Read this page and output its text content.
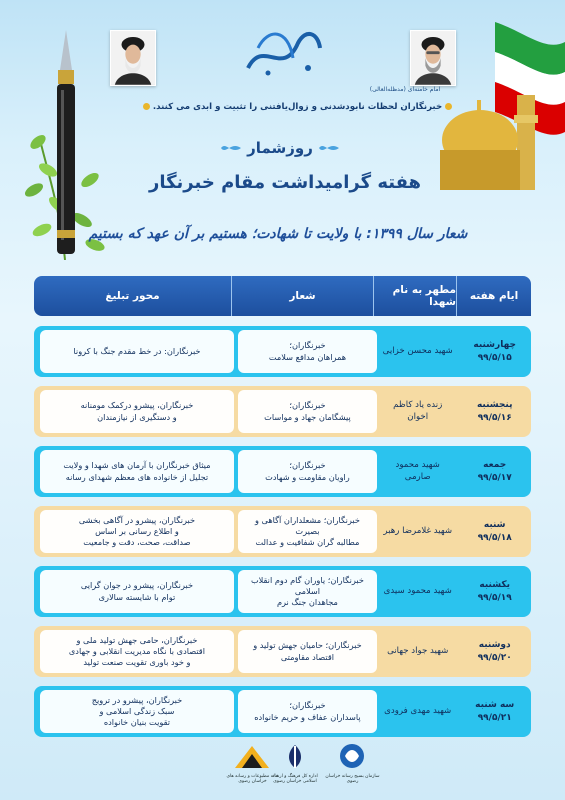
امام خامنه‌ای (مدظله‌العالی)
خبرنگاران لحظات نابودشدنی و زوال‌یافتنی را تثبیت و ابدی می کنند.
روزشمار
هفته گرامیداشت مقام خبرنگار
شعار سال ۱۳۹۹: با ولایت تا شهادت؛ هستیم بر آن عهد که بستیم
ایام هفته
مطهر به نام شهدا
شعار
محور تبلیغ
چهارشنبه
۹۹/۵/۱۵
شهید محسن خزایی
خبرنگاران؛
همراهان مدافع سلامت
خبرنگاران: در خط مقدم جنگ با کرونا
پنجشنبه
۹۹/۵/۱۶
زنده یاد کاظم اخوان
خبرنگاران؛
پیشگامان جهاد و مواسات
خبرنگاران، پیشرو درکمک مومنانه
و دستگیری از نیازمندان
جمعه
۹۹/۵/۱۷
شهید محمود صارمی
خبرنگاران؛
راویان مقاومت و شهادت
میثاق خبرنگاران با آرمان های شهدا و ولایت
تجلیل از خانواده های معظم شهدای رسانه
شنبه
۹۹/۵/۱۸
شهید غلامرضا رهبر
خبرنگاران؛ مشعلداران آگاهی و بصیرت
مطالبه گران شفافیت و عدالت
خبرنگاران، پیشرو در آگاهی بخشی
و اطلاع رسانی بر اساس
صداقت، صحت، دقت و جامعیت
یکشنبه
۹۹/۵/۱۹
شهید محمود سیدی
خبرنگاران؛ یاوران گام دوم انقلاب اسلامی
مجاهدان جنگ نرم
خبرنگاران، پیشرو در جوان گرایی
توام با شایسته سالاری
دوشنبه
۹۹/۵/۲۰
شهید جواد جهانی
خبرنگاران؛ حامیان جهش تولید و
اقتصاد مقاومتی
خبرنگاران، حامی جهش تولید ملی و
اقتصادی با نگاه مدیریت انقلابی و جهادی
و خود باوری تقویت صنعت تولید
سه شنبه
۹۹/۵/۲۱
شهید مهدی فرودی
خبرنگاران؛
پاسداران عفاف و حریم خانواده
خبرنگاران، پیشرو در ترویج
سبک زندگی اسلامی و
تقویت بنیان خانواده
خانه مطبوعات و رسانه های خراسان رضوی
اداره کل فرهنگ و ارشاد اسلامی خراسان رضوی
سازمان بسیج رسانه خراسان رضوی
